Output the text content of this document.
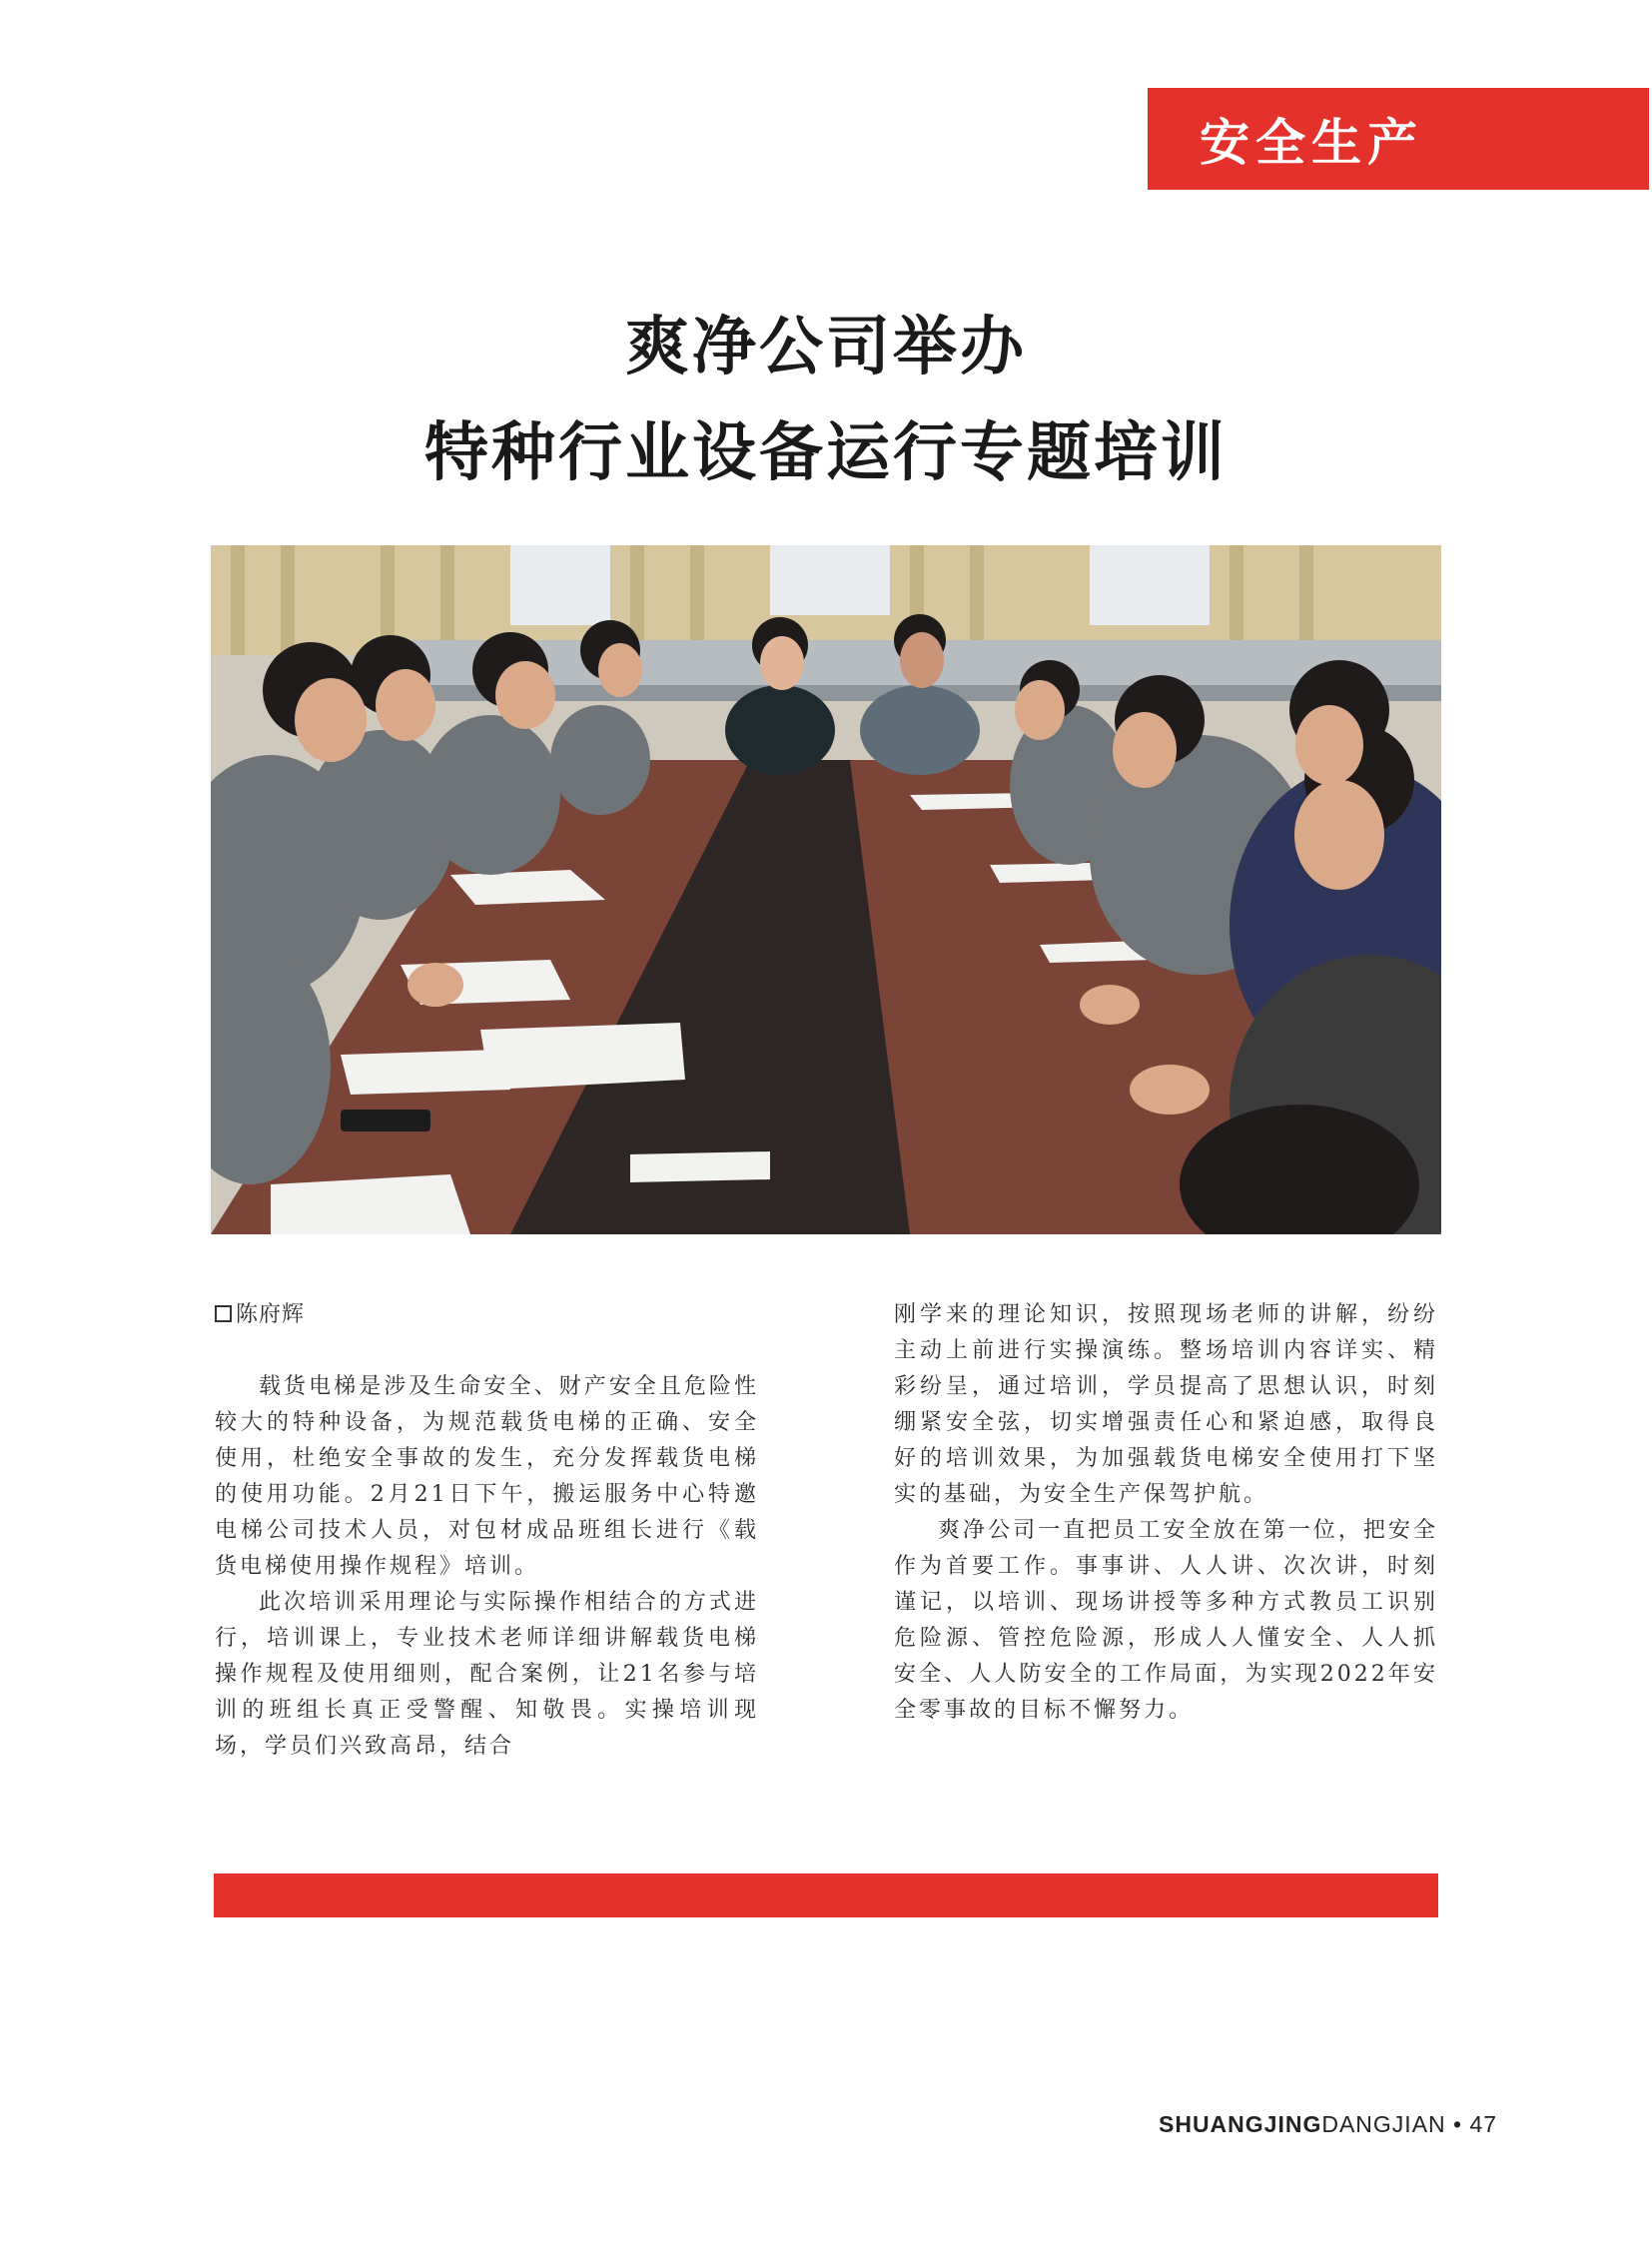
安全生产
爽净公司举办
特种行业设备运行专题培训
陈府辉

载货电梯是涉及生命安全、财产安全且危险性较大的特种设备，为规范载货电梯的正确、安全使用，杜绝安全事故的发生，充分发挥载货电梯的使用功能。2月21日下午，搬运服务中心特邀电梯公司技术人员，对包材成品班组长进行《载货电梯使用操作规程》培训。

此次培训采用理论与实际操作相结合的方式进行，培训课上，专业技术老师详细讲解载货电梯操作规程及使用细则，配合案例，让21名参与培训的班组长真正受警醒、知敬畏。实操培训现场，学员们兴致高昂，结合

刚学来的理论知识，按照现场老师的讲解，纷纷主动上前进行实操演练。整场培训内容详实、精彩纷呈，通过培训，学员提高了思想认识，时刻绷紧安全弦，切实增强责任心和紧迫感，取得良好的培训效果，为加强载货电梯安全使用打下坚实的基础，为安全生产保驾护航。

爽净公司一直把员工安全放在第一位，把安全作为首要工作。事事讲、人人讲、次次讲，时刻谨记，以培训、现场讲授等多种方式教员工识别危险源、管控危险源，形成人人懂安全、人人抓安全、人人防安全的工作局面，为实现2022年安全零事故的目标不懈努力。

SHUANGJINGDANGJIAN • 47
